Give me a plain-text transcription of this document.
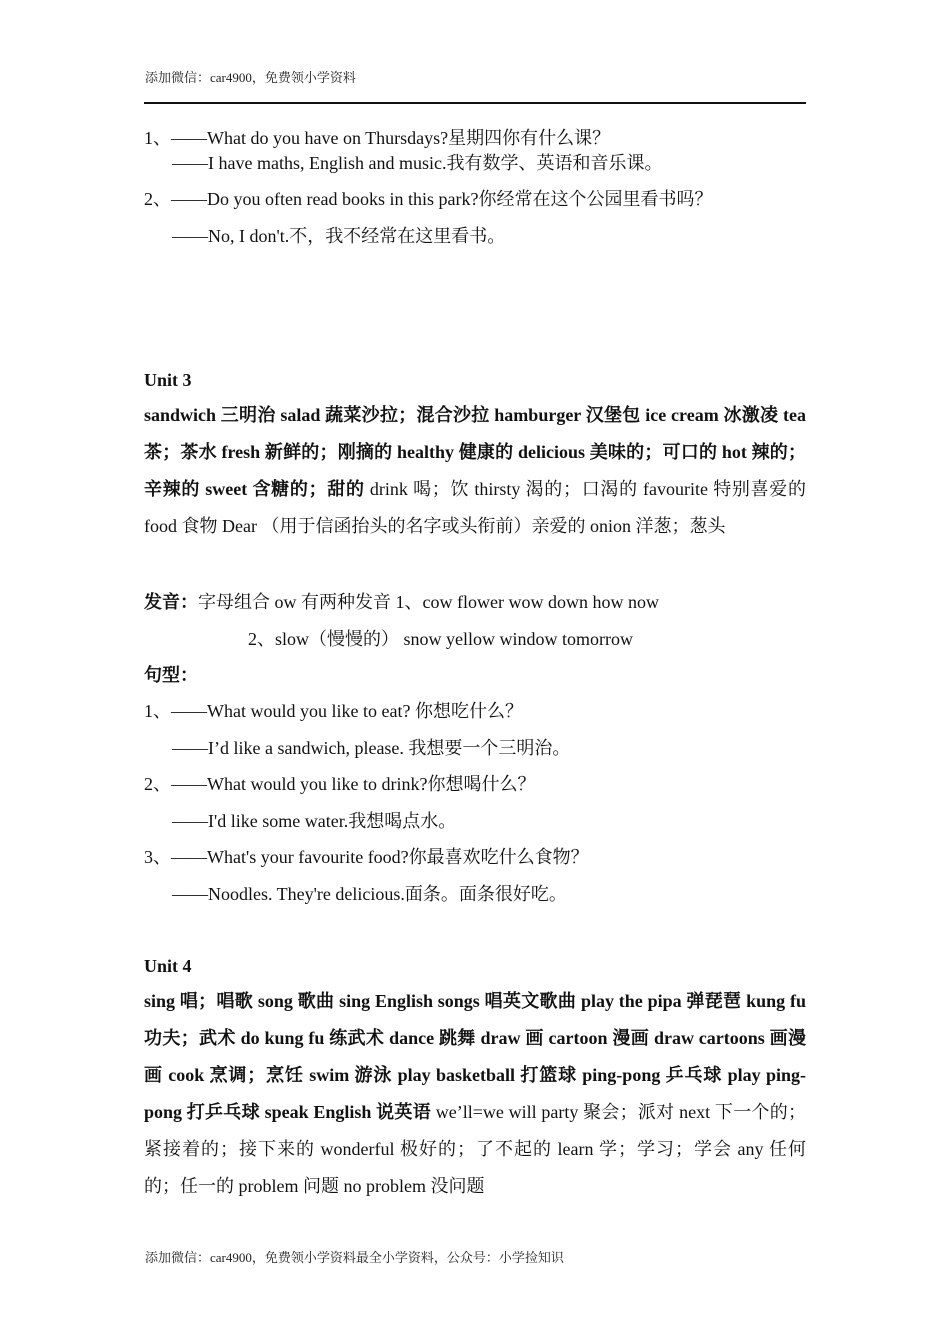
添加微信：car4900，免费领小学资料
1、——What do you have on Thursdays?星期四你有什么课？
——I have maths, English and music.我有数学、英语和音乐课。
2、——Do you often read books in this park?你经常在这个公园里看书吗？
——No, I don't.不，我不经常在这里看书。
Unit 3
sandwich 三明治 salad 蔬菜沙拉；混合沙拉 hamburger 汉堡包 ice cream 冰激凌 tea 茶；茶水 fresh 新鲜的；刚摘的 healthy 健康的 delicious 美味的；可口的 hot 辣的；辛辣的 sweet 含糖的；甜的 drink 喝；饮 thirsty 渴的；口渴的 favourite 特别喜爱的 food 食物 Dear （用于信函抬头的名字或头衔前）亲爱的 onion 洋葱；葱头
发音：字母组合 ow 有两种发音 1、cow flower wow down how now
2、slow（慢慢的） snow yellow window tomorrow
句型：
1、——What would you like to eat? 你想吃什么？
——I’d like a sandwich, please. 我想要一个三明治。
2、——What would you like to drink?你想喝什么？
——I'd like some water.我想喝点水。
3、——What's your favourite food?你最喜欢吃什么食物？
——Noodles. They're delicious.面条。面条很好吃。
Unit 4
sing 唱；唱歌 song 歌曲 sing English songs 唱英文歌曲 play the pipa 弹琵琶 kung fu 功夫；武术 do kung fu 练武术 dance 跳舞 draw 画 cartoon 漫画 draw cartoons 画漫画 cook 烹调；烹饪 swim 游泳 play basketball 打篮球 ping-pong 乒乓球 play ping-pong 打乒乓球 speak English 说英语 we’ll=we will party 聚会；派对 next 下一个的；紧接着的；接下来的 wonderful 极好的；了不起的 learn 学；学习；学会 any 任何的；任一的 problem 问题 no problem 没问题
添加微信：car4900，免费领小学资料最全小学资料，公众号：小学捡知识
